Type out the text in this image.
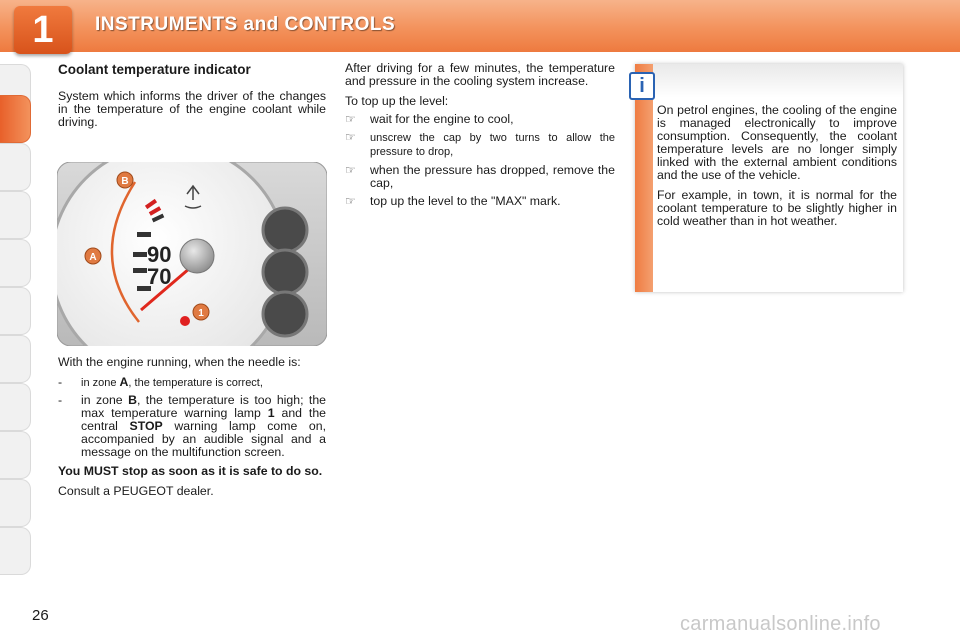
1	INSTRUMENTS and CONTROLS
Coolant temperature indicator

System which informs the driver of the changes in the temperature of the engine coolant while driving.

90
70
B
A
1

With the engine running, when the needle is:

- in zone A, the temperature is correct,
- in zone B, the temperature is too high; the max temperature warning lamp 1 and the central STOP warning lamp come on, accompanied by an audible signal and a message on the multifunction screen.

You MUST stop as soon as it is safe to do so.

Consult a PEUGEOT dealer.

After driving for a few minutes, the temperature and pressure in the cooling system increase.

To top up the level:

☞ wait for the engine to cool,
☞ unscrew the cap by two turns to allow the pressure to drop,
☞ when the pressure has dropped, remove the cap,
☞ top up the level to the "MAX" mark.
i

On petrol engines, the cooling of the engine is managed electronically to improve consumption. Consequently, the coolant temperature levels are no longer simply linked with the external ambient conditions and the use of the vehicle.

For example, in town, it is normal for the coolant temperature to be slightly higher in cold weather than in hot weather.

26	carmanualsonline.info
